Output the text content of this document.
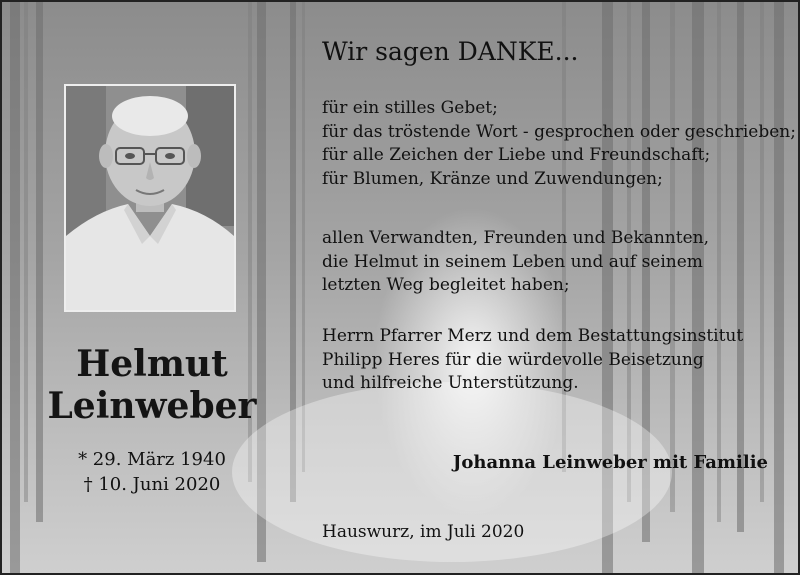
Helmut
Leinweber
* 29. März 1940
† 10. Juni 2020
Wir sagen DANKE...
für ein stilles Gebet;
für das tröstende Wort - gesprochen oder geschrieben;
für alle Zeichen der Liebe und Freundschaft;
für Blumen, Kränze und Zuwendungen;
allen Verwandten, Freunden und Bekannten,
die Helmut in seinem Leben und auf seinem
letzten Weg begleitet haben;
Herrn Pfarrer Merz und dem Bestattungsinstitut
Philipp Heres für die würdevolle Beisetzung
und hilfreiche Unterstützung.
Johanna Leinweber mit Familie
Hauswurz, im Juli 2020
